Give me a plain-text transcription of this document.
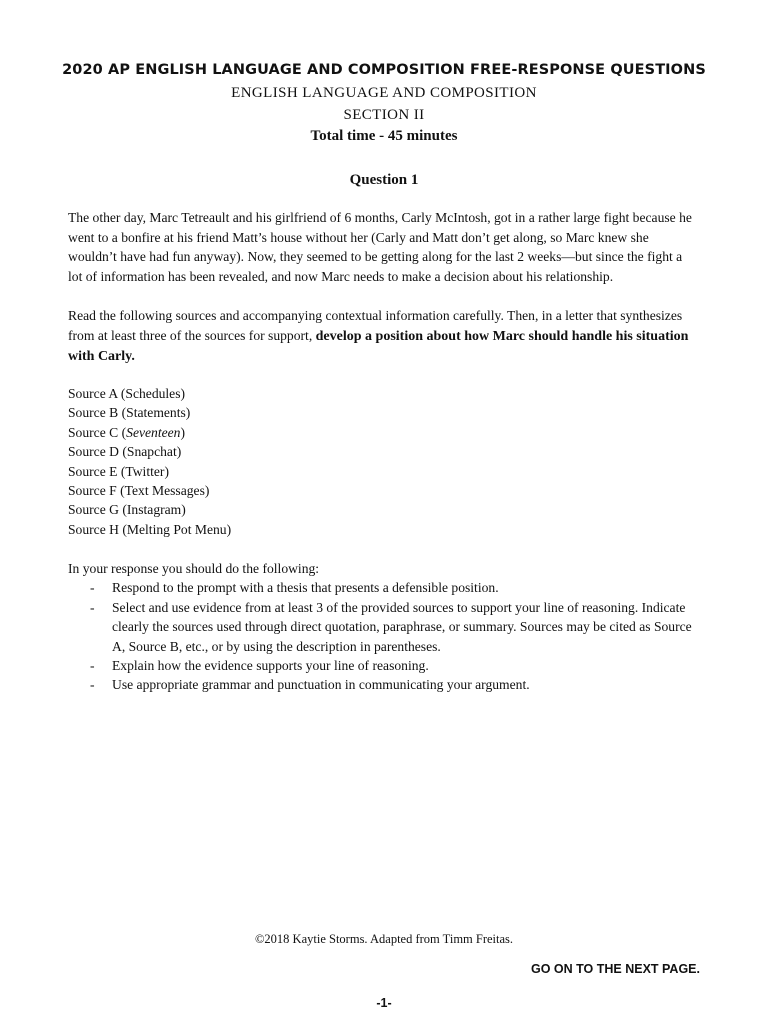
2020 AP ENGLISH LANGUAGE AND COMPOSITION FREE-RESPONSE QUESTIONS
ENGLISH LANGUAGE AND COMPOSITION
SECTION II
Total time - 45 minutes
Question 1
The other day, Marc Tetreault and his girlfriend of 6 months, Carly McIntosh, got in a rather large fight because he went to a bonfire at his friend Matt’s house without her (Carly and Matt don’t get along, so Marc knew she wouldn’t have had fun anyway). Now, they seemed to be getting along for the last 2 weeks—but since the fight a lot of information has been revealed, and now Marc needs to make a decision about his relationship.
Read the following sources and accompanying contextual information carefully. Then, in a letter that synthesizes from at least three of the sources for support, develop a position about how Marc should handle his situation with Carly.
Source A (Schedules)
Source B (Statements)
Source C (Seventeen)
Source D (Snapchat)
Source E (Twitter)
Source F (Text Messages)
Source G (Instagram)
Source H (Melting Pot Menu)
In your response you should do the following:
- Respond to the prompt with a thesis that presents a defensible position.
- Select and use evidence from at least 3 of the provided sources to support your line of reasoning. Indicate clearly the sources used through direct quotation, paraphrase, or summary. Sources may be cited as Source A, Source B, etc., or by using the description in parentheses.
- Explain how the evidence supports your line of reasoning.
- Use appropriate grammar and punctuation in communicating your argument.
©2018 Kaytie Storms. Adapted from Timm Freitas.
GO ON TO THE NEXT PAGE.
-1-
